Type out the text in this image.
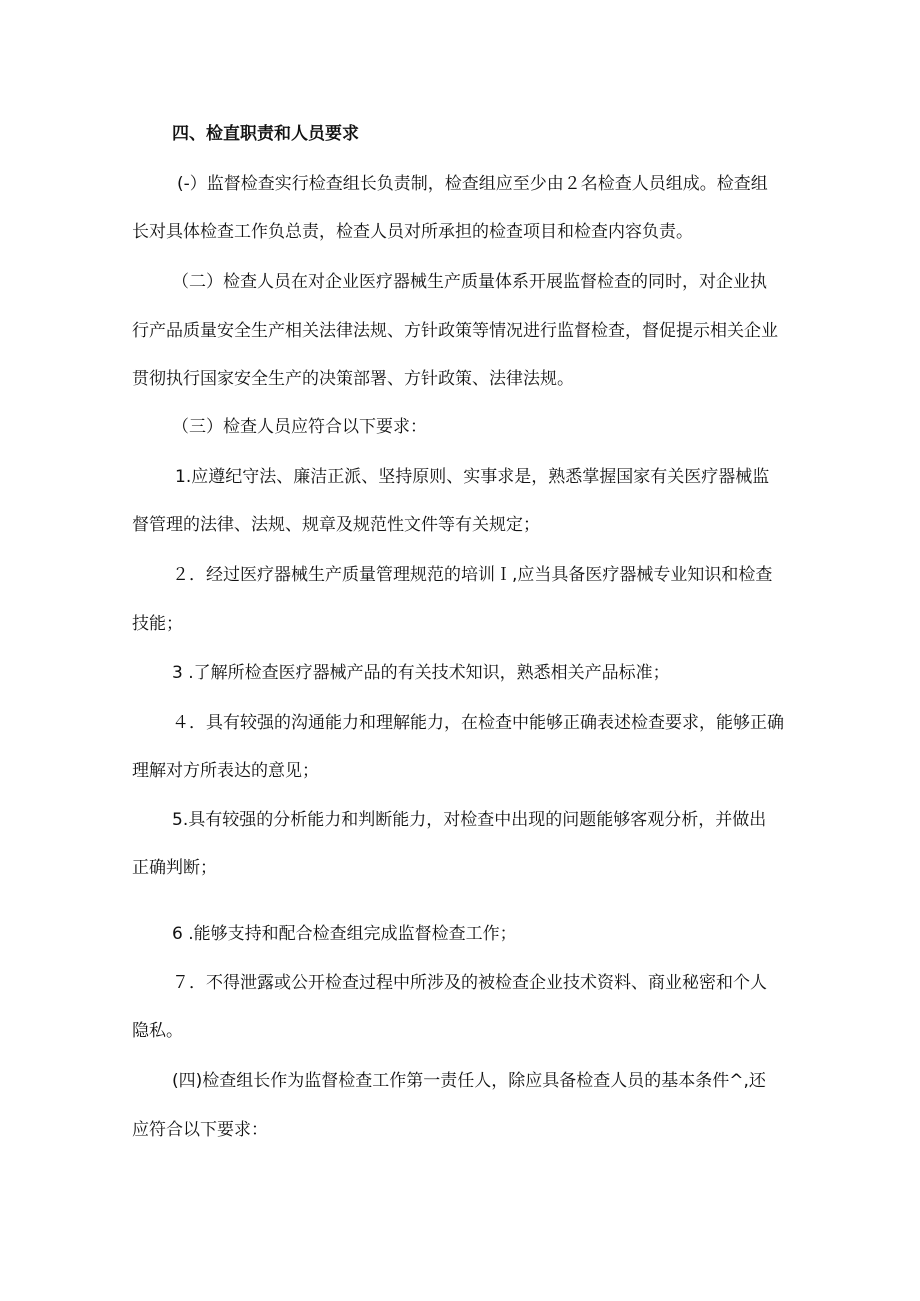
四、检直职责和人员要求
(-）监督检查实行检查组长负责制，检查组应至少由２名检查人员组成。检查组
长对具体检查工作负总责，检查人员对所承担的检查项目和检查内容负责。
（二）检查人员在对企业医疗器械生产质量体系开展监督检查的同时，对企业执
行产品质量安全生产相关法律法规、方针政策等情况进行监督检查，督促提示相关企业
贯彻执行国家安全生产的决策部署、方针政策、法律法规。
（三）检查人员应符合以下要求：
1.应遵纪守法、廉洁正派、坚持原则、实事求是，熟悉掌握国家有关医疗器械监
督管理的法律、法规、规章及规范性文件等有关规定；
２．经过医疗器械生产质量管理规范的培训Ｉ,应当具备医疗器械专业知识和检查
技能；
3 .了解所检查医疗器械产品的有关技术知识，熟悉相关产品标准；
４．具有较强的沟通能力和理解能力，在检查中能够正确表述检查要求，能够正确
理解对方所表达的意见；
5.具有较强的分析能力和判断能力，对检查中出现的问题能够客观分析，并做出
正确判断；
6 .能够支持和配合检查组完成监督检查工作；
７．不得泄露或公开检查过程中所涉及的被检查企业技术资料、商业秘密和个人
隐私。
(四)检查组长作为监督检查工作第一责任人，除应具备检查人员的基本条件^,还
应符合以下要求：
